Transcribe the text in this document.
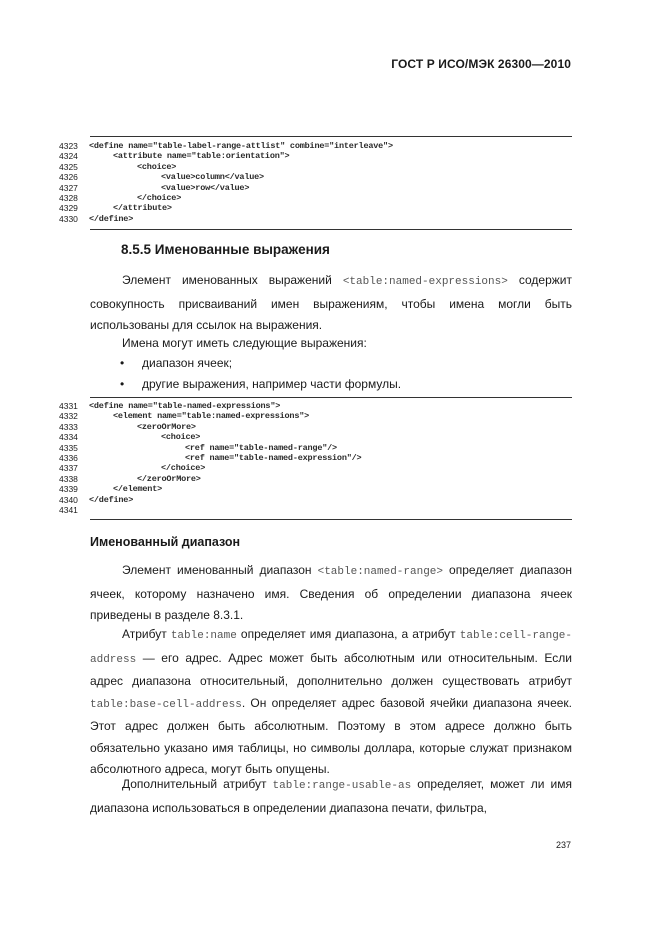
ГОСТ Р ИСО/МЭК 26300—2010
4323	<define name="table-label-range-attlist" combine="interleave">
4324	<attribute name="table:orientation">
4325	<choice>
4326	<value>column</value>
4327	<value>row</value>
4328	</choice>
4329	</attribute>
4330	</define>
8.5.5 Именованные выражения
Элемент именованных выражений <table:named-expressions> содержит совокупность присваиваний имен выражениям, чтобы имена могли быть использованы для ссылок на выражения.
Имена могут иметь следующие выражения:
• диапазон ячеек;
• другие выражения, например части формулы.
4331	<define name="table-named-expressions">
4332	<element name="table:named-expressions">
4333	<zeroOrMore>
4334	<choice>
4335	<ref name="table-named-range"/>
4336	<ref name="table-named-expression"/>
4337	</choice>
4338	</zeroOrMore>
4339	</element>
4340	</define>
4341
Именованный диапазон
Элемент именованный диапазон <table:named-range> определяет диапазон ячеек, которому назначено имя. Сведения об определении диапазона ячеек приведены в разделе 8.3.1.
Атрибут table:name определяет имя диапазона, а атрибут table:cell-range-address — его адрес. Адрес может быть абсолютным или относительным. Если адрес диапазона относительный, дополнительно должен существовать атрибут table:base-cell-address. Он определяет адрес базовой ячейки диапазона ячеек. Этот адрес должен быть абсолютным. Поэтому в этом адресе должно быть обязательно указано имя таблицы, но символы доллара, которые служат признаком абсолютного адреса, могут быть опущены.
Дополнительный атрибут table:range-usable-as определяет, может ли имя диапазона использоваться в определении диапазона печати, фильтра,
237
